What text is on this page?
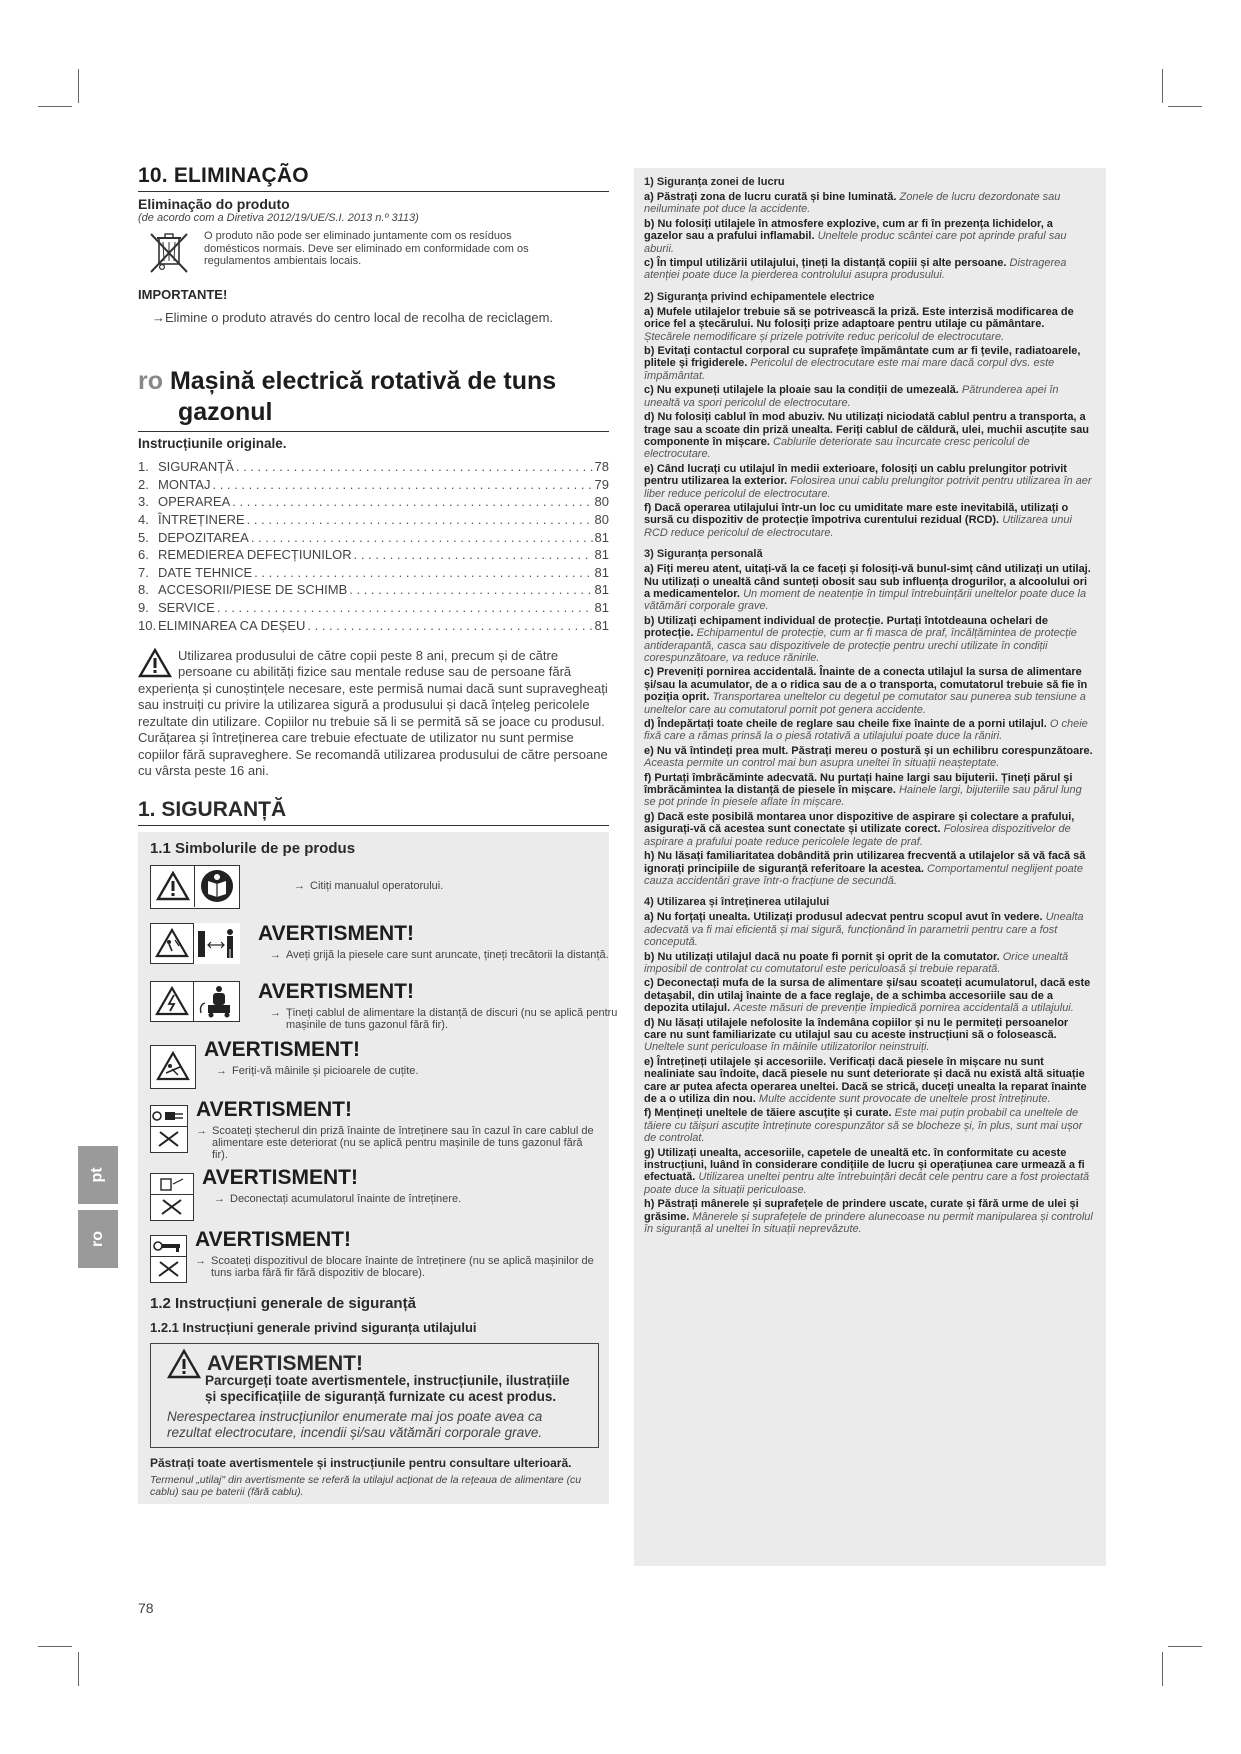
pt
ro
10. ELIMINAÇÃO
Eliminação do produto
(de acordo com a Diretiva 2012/19/UE/S.I. 2013 n.º 3113)
O produto não pode ser eliminado juntamente com os resíduos domésticos normais. Deve ser eliminado em conformidade com os regulamentos ambientais locais.
IMPORTANTE!
→Elimine o produto através do centro local de recolha de reciclagem.
ro Mașină electrică rotativă de tuns
gazonul
Instrucțiunile originale.
1. SIGURANȚĂ . . .	78
2. MONTAJ . . .	79
3. OPERAREA . . .	80
4. ÎNTREȚINERE . . .	80
5. DEPOZITAREA . . .	81
6. REMEDIEREA DEFECȚIUNILOR . . .	81
7. DATE TEHNICE . . .	81
8. ACCESORII/PIESE DE SCHIMB . . .	81
9. SERVICE . . .	81
10. ELIMINAREA CA DEȘEU . . .	81
Utilizarea produsului de către copii peste 8 ani, precum și de către persoane cu abilități fizice sau mentale reduse sau de persoane fără experiența și cunoștințele necesare, este permisă numai dacă sunt supravegheați sau instruiți cu privire la utilizarea sigură a produsului și dacă înțeleg pericolele rezultate din utilizare. Copiilor nu trebuie să li se permită să se joace cu produsul. Curățarea și întreținerea care trebuie efectuate de utilizator nu sunt permise copiilor fără supraveghere. Se recomandă utilizarea produsului de către persoane cu vârsta peste 16 ani.
1. SIGURANȚĂ
1.1 Simbolurile de pe produs
→ Citiți manualul operatorului.
AVERTISMENT!
→ Aveți grijă la piesele care sunt aruncate, țineți trecătorii la distanță.
AVERTISMENT!
→ Țineți cablul de alimentare la distanță de discuri (nu se aplică pentru mașinile de tuns gazonul fără fir).
AVERTISMENT!
→ Feriți-vă mâinile și picioarele de cuțite.
AVERTISMENT!
→ Scoateți ștecherul din priză înainte de întreținere sau în cazul în care cablul de alimentare este deteriorat (nu se aplică pentru mașinile de tuns gazonul fără fir).
AVERTISMENT!
→ Deconectați acumulatorul înainte de întreținere.
AVERTISMENT!
→ Scoateți dispozitivul de blocare înainte de întreținere (nu se aplică mașinilor de tuns iarba fără fir fără dispozitiv de blocare).
1.2 Instrucțiuni generale de siguranță
1.2.1 Instrucțiuni generale privind siguranța utilajului
AVERTISMENT!
Parcurgeți toate avertismentele, instrucțiunile, ilustrațiile și specificațiile de siguranță furnizate cu acest produs.
Nerespectarea instrucțiunilor enumerate mai jos poate avea ca rezultat electrocutare, incendii și/sau vătămări corporale grave.
Păstrați toate avertismentele și instrucțiunile pentru consultare ulterioară.
Termenul „utilaj" din avertismente se referă la utilajul acționat de la rețeaua de alimentare (cu cablu) sau pe baterii (fără cablu).
1) Siguranța zonei de lucru

a) Păstrați zona de lucru curată și bine luminată. Zonele de lucru dezordonate sau neiluminate pot duce la accidente.

b) Nu folosiți utilajele în atmosfere explozive, cum ar fi în prezența lichidelor, a gazelor sau a prafului inflamabil. Uneltele produc scântei care pot aprinde praful sau aburii.

c) În timpul utilizării utilajului, țineți la distanță copiii și alte persoane. Distragerea atenției poate duce la pierderea controlului asupra produsului.

2) Siguranța privind echipamentele electrice

a) Mufele utilajelor trebuie să se potrivească la priză. Este interzisă modificarea de orice fel a ștecărului. Nu folosiți prize adaptoare pentru utilaje cu pământare. Ștecărele nemodificare și prizele potrivite reduc pericolul de electrocutare.

b) Evitați contactul corporal cu suprafețe împământate cum ar fi țevile, radiatoarele, plitele și frigiderele. Pericolul de electrocutare este mai mare dacă corpul dvs. este împământat.

c) Nu expuneți utilajele la ploaie sau la condiții de umezeală. Pătrunderea apei în unealtă va spori pericolul de electrocutare.

d) Nu folosiți cablul în mod abuziv. Nu utilizați niciodată cablul pentru a transporta, a trage sau a scoate din priză unealta. Feriți cablul de căldură, ulei, muchii ascuțite sau componente în mișcare. Cablurile deteriorate sau încurcate cresc pericolul de electrocutare.

e) Când lucrați cu utilajul în medii exterioare, folosiți un cablu prelungitor potrivit pentru utilizarea la exterior. Folosirea unui cablu prelungitor potrivit pentru utilizarea în aer liber reduce pericolul de electrocutare.

f) Dacă operarea utilajului într-un loc cu umiditate mare este inevitabilă, utilizați o sursă cu dispozitiv de protecție împotriva curentului rezidual (RCD). Utilizarea unui RCD reduce pericolul de electrocutare.

3) Siguranța personală

a) Fiți mereu atent, uitați-vă la ce faceți și folosiți-vă bunul-simț când utilizați un utilaj. Nu utilizați o unealtă când sunteți obosit sau sub influența drogurilor, a alcoolului ori a medicamentelor. Un moment de neatenție în timpul întrebuințării uneltelor poate duce la vătămări corporale grave.

b) Utilizați echipament individual de protecție. Purtați întotdeauna ochelari de protecție. Echipamentul de protecție, cum ar fi masca de praf, încălțămintea de protecție antiderapantă, casca sau dispozitivele de protecție pentru urechi utilizate în condiții corespunzătoare, va reduce rănirile.

c) Preveniți pornirea accidentală. Înainte de a conecta utilajul la sursa de alimentare și/sau la acumulator, de a o ridica sau de a o transporta, comutatorul trebuie să fie în poziția oprit. Transportarea uneltelor cu degetul pe comutator sau punerea sub tensiune a uneltelor care au comutatorul pornit pot genera accidente.

d) Îndepărtați toate cheile de reglare sau cheile fixe înainte de a porni utilajul. O cheie fixă care a rămas prinsă la o piesă rotativă a utilajului poate duce la răniri.

e) Nu vă întindeți prea mult. Păstrați mereu o postură și un echilibru corespunzătoare. Aceasta permite un control mai bun asupra uneltei în situații neașteptate.

f) Purtați îmbrăcăminte adecvată. Nu purtați haine largi sau bijuterii. Țineți părul și îmbrăcămintea la distanță de piesele în mișcare. Hainele largi, bijuteriile sau părul lung se pot prinde în piesele aflate în mișcare.

g) Dacă este posibilă montarea unor dispozitive de aspirare și colectare a prafului, asigurați-vă că acestea sunt conectate și utilizate corect. Folosirea dispozitivelor de aspirare a prafului poate reduce pericolele legate de praf.

h) Nu lăsați familiaritatea dobândită prin utilizarea frecventă a utilajelor să vă facă să ignorați principiile de siguranță referitoare la acestea. Comportamentul neglijent poate cauza accidentări grave într-o fracțiune de secundă.

4) Utilizarea și întreținerea utilajului

a) Nu forțați unealta. Utilizați produsul adecvat pentru scopul avut în vedere. Unealta adecvată va fi mai eficientă și mai sigură, funcționând în parametrii pentru care a fost concepută.

b) Nu utilizați utilajul dacă nu poate fi pornit și oprit de la comutator. Orice unealtă imposibil de controlat cu comutatorul este periculoasă și trebuie reparată.

c) Deconectați mufa de la sursa de alimentare și/sau scoateți acumulatorul, dacă este detașabil, din utilaj înainte de a face reglaje, de a schimba accesoriile sau de a depozita utilajul. Aceste măsuri de prevenție împiedică pornirea accidentală a utilajului.

d) Nu lăsați utilajele nefolosite la îndemâna copiilor și nu le permiteți persoanelor care nu sunt familiarizate cu utilajul sau cu aceste instrucțiuni să o folosească. Uneltele sunt periculoase în mâinile utilizatorilor neinstruiți.

e) Întrețineți utilajele și accesoriile. Verificați dacă piesele în mișcare nu sunt nealiniate sau îndoite, dacă piesele nu sunt deteriorate și dacă nu există altă situație care ar putea afecta operarea uneltei. Dacă se strică, duceți unealta la reparat înainte de a o utiliza din nou. Multe accidente sunt provocate de uneltele prost întreținute.

f) Mențineți uneltele de tăiere ascuțite și curate. Este mai puțin probabil ca uneltele de tăiere cu tăișuri ascuțite întreținute corespunzător să se blocheze și, în plus, sunt mai ușor de controlat.

g) Utilizați unealta, accesoriile, capetele de unealtă etc. în conformitate cu aceste instrucțiuni, luând în considerare condițiile de lucru și operațiunea care urmează a fi efectuată. Utilizarea uneltei pentru alte întrebuințări decât cele pentru care a fost proiectată poate duce la situații periculoase.

h) Păstrați mânerele și suprafețele de prindere uscate, curate și fără urme de ulei și grăsime. Mânerele și suprafețele de prindere alunecoase nu permit manipularea și controlul în siguranță al uneltei în situații neprevăzute.

78
